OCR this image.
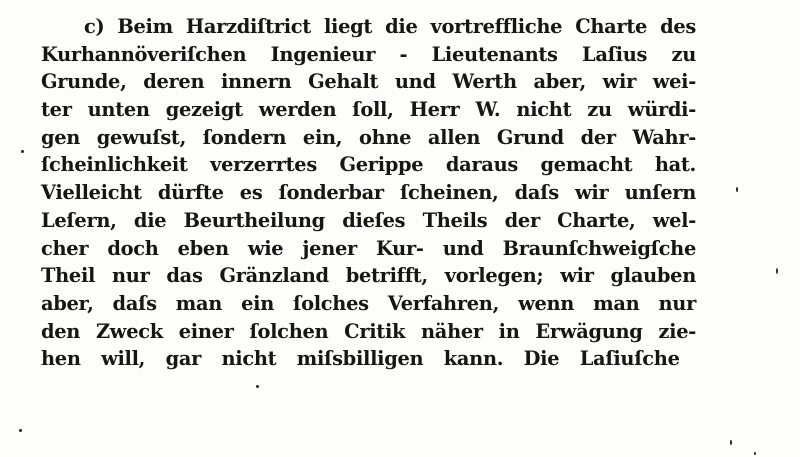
c) Beim Harzdiſtrict liegt die vortreffliche Charte des
Kurhannöveriſchen Ingenieur - Lieutenants Laſius zu
Grunde, deren innern Gehalt und Werth aber, wir wei-
ter unten gezeigt werden ſoll, Herr W. nicht zu würdi-
gen gewuſst, ſondern ein, ohne allen Grund der Wahr-
ſcheinlichkeit verzerrtes Gerippe daraus gemacht hat.
Vielleicht dürfte es ſonderbar ſcheinen, daſs wir unſern
Leſern, die Beurtheilung dieſes Theils der Charte, wel-
cher doch eben wie jener Kur- und Braunſchweigſche
Theil nur das Gränzland betrifft, vorlegen; wir glauben
aber, daſs man ein ſolches Verfahren, wenn man nur
den Zweck einer ſolchen Critik näher in Erwägung zie-
hen will, gar nicht miſsbilligen kann. Die Laſiuſche
